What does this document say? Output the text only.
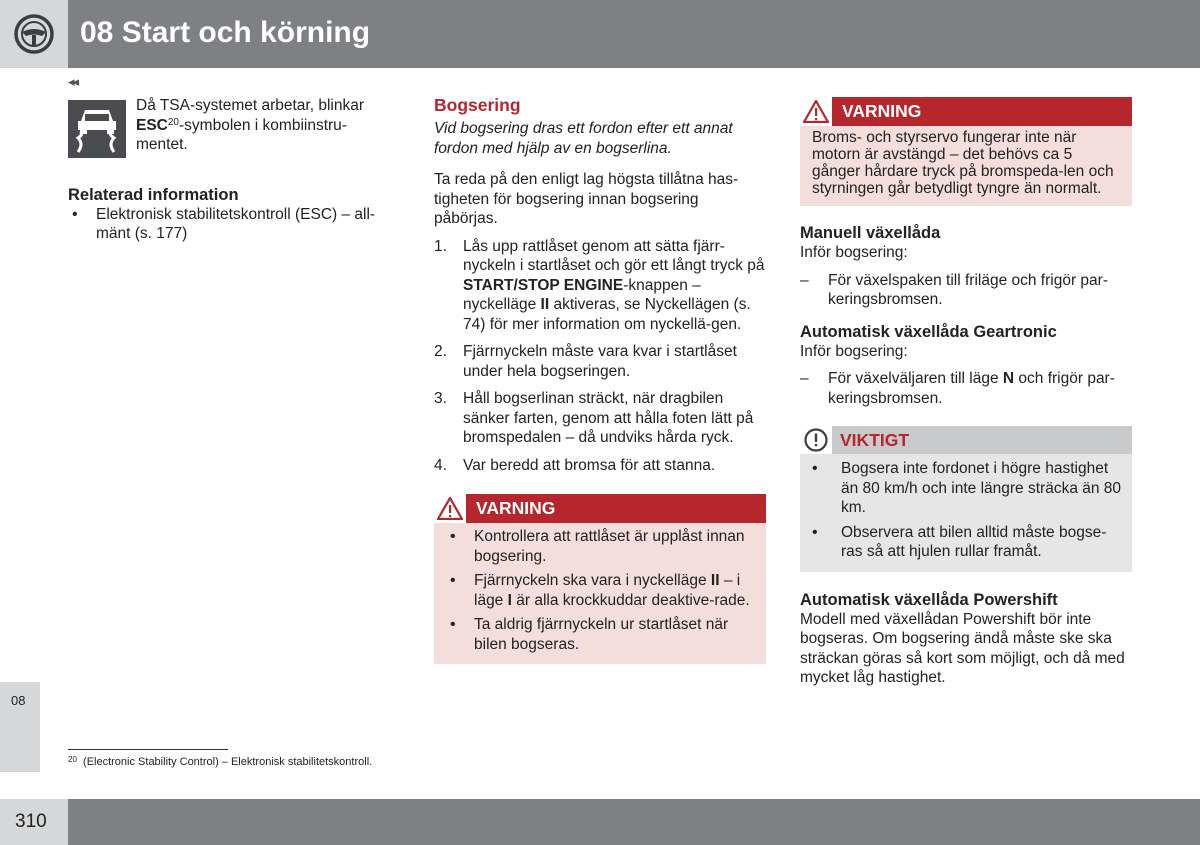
08 Start och körning
◂◂
08

Då TSA-systemet arbetar, blinkar ESC$^{20}$-symbolen i kombiinstru-mentet.

Relaterad information
• Elektronisk stabilitetskontroll (ESC) – all-mänt (s. 177)
Bogsering

Vid bogsering dras ett fordon efter ett annat fordon med hjälp av en bogserlina.

Ta reda på den enligt lag högsta tillåtna has-tigheten för bogsering innan bogsering påbörjas.

1. Lås upp rattlåset genom att sätta fjärr-nyckeln i startlåset och gör ett långt tryck på START/STOP ENGINE-knappen – nyckelläge II aktiveras, se Nyckellägen (s. 74) för mer information om nyckellä-gen.
2. Fjärrnyckeln måste vara kvar i startlåset under hela bogseringen.
3. Håll bogserlinan sträckt, när dragbilen sänker farten, genom att hålla foten lätt på bromspedalen – då undviks hårda ryck.
4. Var beredd att bromsa för att stanna.
VARNING
• Kontrollera att rattlåset är upplåst innan bogsering.
• Fjärrnyckeln ska vara i nyckelläge II – i läge I är alla krockkuddar deaktive-rade.
• Ta aldrig fjärrnyckeln ur startlåset när bilen bogseras.
VARNING
Broms- och styrservo fungerar inte när motorn är avstängd – det behövs ca 5 gånger hårdare tryck på bromspeda-len och styrningen går betydligt tyngre än normalt.
Manuell växellåda

Inför bogsering:

– För växelspaken till friläge och frigör par-keringsbromsen.
Automatisk växellåda Geartronic

Inför bogsering:

– För växelväljaren till läge N och frigör par-keringsbromsen.
VIKTIGT
• Bogsera inte fordonet i högre hastighet än 80 km/h och inte längre sträcka än 80 km.
• Observera att bilen alltid måste bogse-ras så att hjulen rullar framåt.
Automatisk växellåda Powershift

Modell med växellådan Powershift bör inte bogseras. Om bogsering ändå måste ske ska sträckan göras så kort som möjligt, och då med mycket låg hastighet.

$^{20}$ (Electronic Stability Control) – Elektronisk stabilitetskontroll.
310
